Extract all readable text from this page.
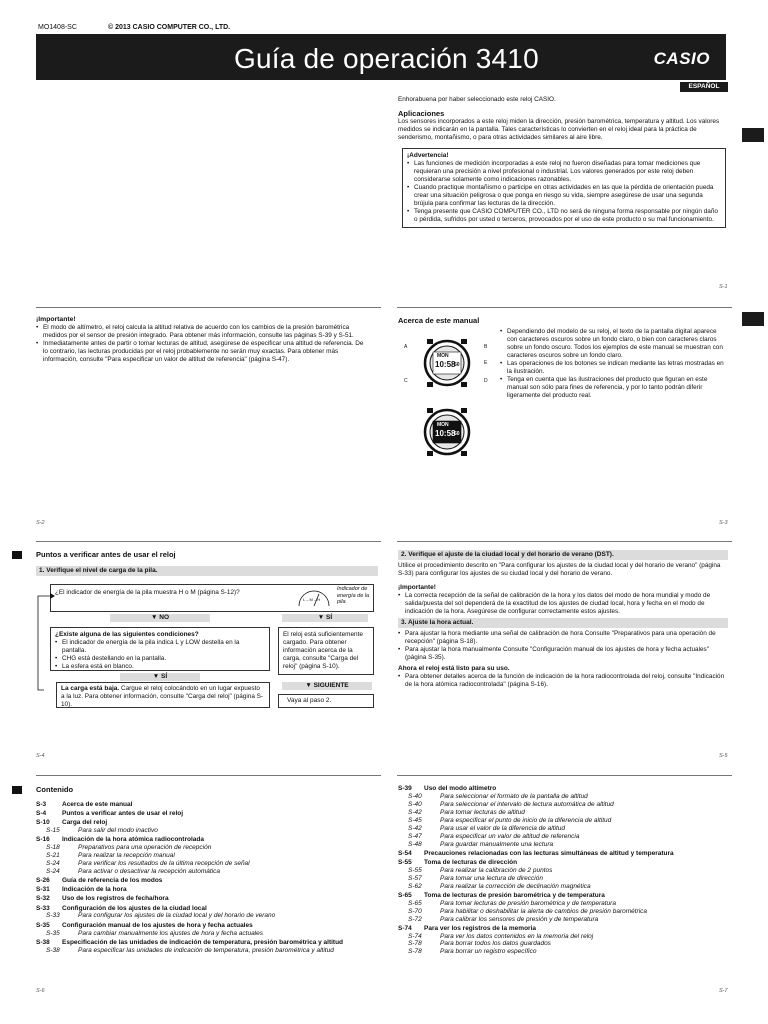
MO1408-SC	© 2013 CASIO COMPUTER CO., LTD.
Guía de operación 3410	CASIO
ESPAÑOL
Enhorabuena por haber seleccionado este reloj CASIO.
Aplicaciones
Los sensores incorporados a este reloj miden la dirección, presión barométrica, temperatura y altitud. Los valores medidos se indicarán en la pantalla. Tales características lo convierten en el reloj ideal para la práctica de senderismo, montañismo, o para otras actividades similares al aire libre.
¡Advertencia!
• Las funciones de medición incorporadas a este reloj no fueron diseñadas para tomar mediciones que requieran una precisión a nivel profesional o industrial. Los valores generados por este reloj deben considerarse solamente como indicaciones razonables.
• Cuando practique montañismo o participe en otras actividades en las que la pérdida de orientación pueda crear una situación peligrosa o que ponga en riesgo su vida, siempre asegúrese de usar una segunda brújula para confirmar las lecturas de la dirección.
• Tenga presente que CASIO COMPUTER CO., LTD no será de ninguna forma responsable por ningún daño o pérdida, sufridos por usted o terceros, provocados por el uso de este producto o su mal funcionamiento.
S-1
¡Importante!
• El modo de altímetro, el reloj calcula la altitud relativa de acuerdo con los cambios de la presión barométrica medidos por el sensor de presión integrado. Para obtener más información, consulte las páginas S-39 y S-51.
• Inmediatamente antes de partir o tomar lecturas de altitud, asegúrese de especificar una altitud de referencia. De lo contrario, las lecturas producidas por el reloj probablemente no serán muy exactas. Para obtener más información, consulte "Para especificar un valor de altitud de referencia" (página S-47).
S-2
Acerca de este manual
MON
10:58
50
MON
10:58
50
A	B
C	D
E
• Dependiendo del modelo de su reloj, el texto de la pantalla digital aparece con caracteres oscuros sobre un fondo claro, o bien con caracteres claros sobre un fondo oscuro. Todos los ejemplos de este manual se muestran con caracteres oscuros sobre un fondo claro.
• Las operaciones de los botones se indican mediante las letras mostradas en la ilustración.
• Tenga en cuenta que las ilustraciones del producto que figuran en este manual son sólo para fines de referencia, y por lo tanto podrán diferir ligeramente del producto real.
S-3
Puntos a verificar antes de usar el reloj
1. Verifique el nivel de carga de la pila.
¿El indicador de energía de la pila muestra H o M (página S-12)?
L – M – H
Indicador de energía de la pila
▼ NO	▼ SÍ
¿Existe alguna de las siguientes condiciones?
• El indicador de energía de la pila indica L y LOW destella en la pantalla.
• CHG está destellando en la pantalla.
• La esfera está en blanco.
El reloj está suficientemente cargado. Para obtener información acerca de la carga, consulte "Carga del reloj" (página S-10).
▼ SÍ
La carga está baja. Cargue el reloj colocándolo en un lugar expuesto a la luz. Para obtener información, consulte "Carga del reloj" (página S-10).
▼ SIGUIENTE
Vaya al paso 2.
S-4
2. Verifique el ajuste de la ciudad local y del horario de verano (DST).
Utilice el procedimiento descrito en "Para configurar los ajustes de la ciudad local y del horario de verano" (página S-33) para configurar los ajustes de su ciudad local y del horario de verano.
¡Importante!
• La correcta recepción de la señal de calibración de la hora y los datos del modo de hora mundial y modo de salida/puesta del sol dependerá de la exactitud de los ajustes de ciudad local, hora y fecha en el modo de indicación de la hora. Asegúrese de configurar correctamente estos ajustes.
3. Ajuste la hora actual.
• Para ajustar la hora mediante una señal de calibración de hora Consulte "Preparativos para una operación de recepción" (página S-18).
• Para ajustar la hora manualmente Consulte "Configuración manual de los ajustes de hora y fecha actuales" (página S-35).
Ahora el reloj está listo para su uso.
• Para obtener detalles acerca de la función de indicación de la hora radiocontrolada del reloj, consulte "Indicación de la hora atómica radiocontrolada" (página S-16).
S-5
Contenido
S-3	Acerca de este manual
S-4	Puntos a verificar antes de usar el reloj
S-10	Carga del reloj
S-15	Para salir del modo inactivo
S-16	Indicación de la hora atómica radiocontrolada
S-18	Preparativos para una operación de recepción
S-21	Para realizar la recepción manual
S-24	Para verificar los resultados de la última recepción de señal
S-24	Para activar o desactivar la recepción automática
S-26	Guía de referencia de los modos
S-31	Indicación de la hora
S-32	Uso de los registros de fecha/hora
S-33	Configuración de los ajustes de la ciudad local
S-33	Para configurar los ajustes de la ciudad local y del horario de verano
S-35	Configuración manual de los ajustes de hora y fecha actuales
S-35	Para cambiar manualmente los ajustes de hora y fecha actuales
S-38	Especificación de las unidades de indicación de temperatura, presión barométrica y altitud
S-38	Para especificar las unidades de indicación de temperatura, presión barométrica y altitud
S-39	Uso del modo altímetro
S-40	Para seleccionar el formato de la pantalla de altitud
S-40	Para seleccionar el intervalo de lectura automática de altitud
S-42	Para tomar lecturas de altitud
S-45	Para especificar el punto de inicio de la diferencia de altitud
S-42	Para usar el valor de la diferencia de altitud
S-47	Para especificar un valor de altitud de referencia
S-48	Para guardar manualmente una lectura
S-54	Precauciones relacionadas con las lecturas simultáneas de altitud y temperatura
S-55	Toma de lecturas de dirección
S-55	Para realizar la calibración de 2 puntos
S-57	Para tomar una lectura de dirección
S-62	Para realizar la corrección de declinación magnética
S-65	Toma de lecturas de presión barométrica y de temperatura
S-65	Para tomar lecturas de presión barométrica y de temperatura
S-70	Para habilitar o deshabilitar la alerta de cambios de presión barométrica
S-72	Para calibrar los sensores de presión y de temperatura
S-74	Para ver los registros de la memoria
S-74	Para ver los datos contenidos en la memoria del reloj
S-78	Para borrar todos los datos guardados
S-78	Para borrar un registro específico
S-6	S-7
